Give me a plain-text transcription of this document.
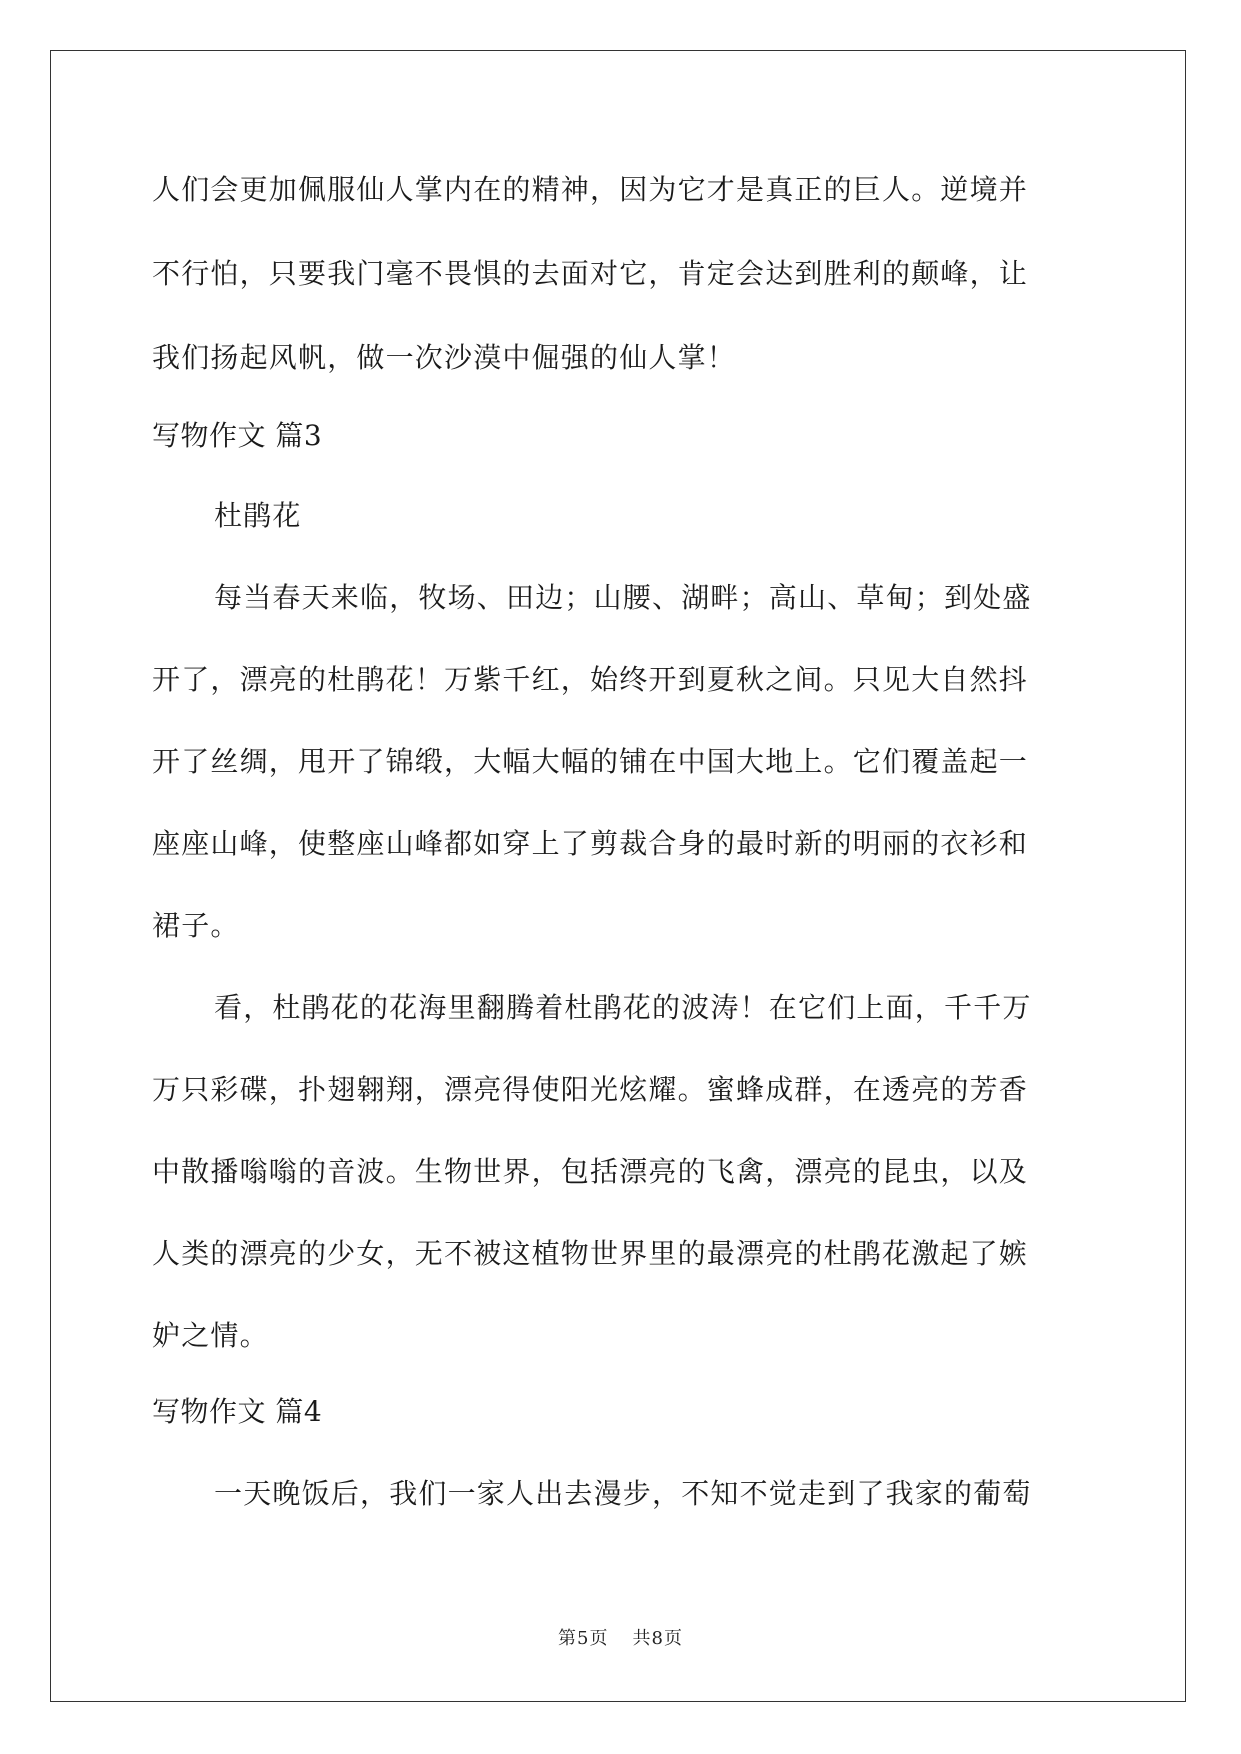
人们会更加佩服仙人掌内在的精神，因为它才是真正的巨人。逆境并
不行怕，只要我门毫不畏惧的去面对它，肯定会达到胜利的颠峰，让
我们扬起风帆，做一次沙漠中倔强的仙人掌！
写物作文 篇3
杜鹃花
每当春天来临，牧场、田边；山腰、湖畔；高山、草甸；到处盛
开了，漂亮的杜鹃花！万紫千红，始终开到夏秋之间。只见大自然抖
开了丝绸，甩开了锦缎，大幅大幅的铺在中国大地上。它们覆盖起一
座座山峰，使整座山峰都如穿上了剪裁合身的最时新的明丽的衣衫和
裙子。
看，杜鹃花的花海里翻腾着杜鹃花的波涛！在它们上面，千千万
万只彩碟，扑翅翱翔，漂亮得使阳光炫耀。蜜蜂成群，在透亮的芳香
中散播嗡嗡的音波。生物世界，包括漂亮的飞禽，漂亮的昆虫，以及
人类的漂亮的少女，无不被这植物世界里的最漂亮的杜鹃花激起了嫉
妒之情。
写物作文 篇4
一天晚饭后，我们一家人出去漫步，不知不觉走到了我家的葡萄
第5页 共8页
